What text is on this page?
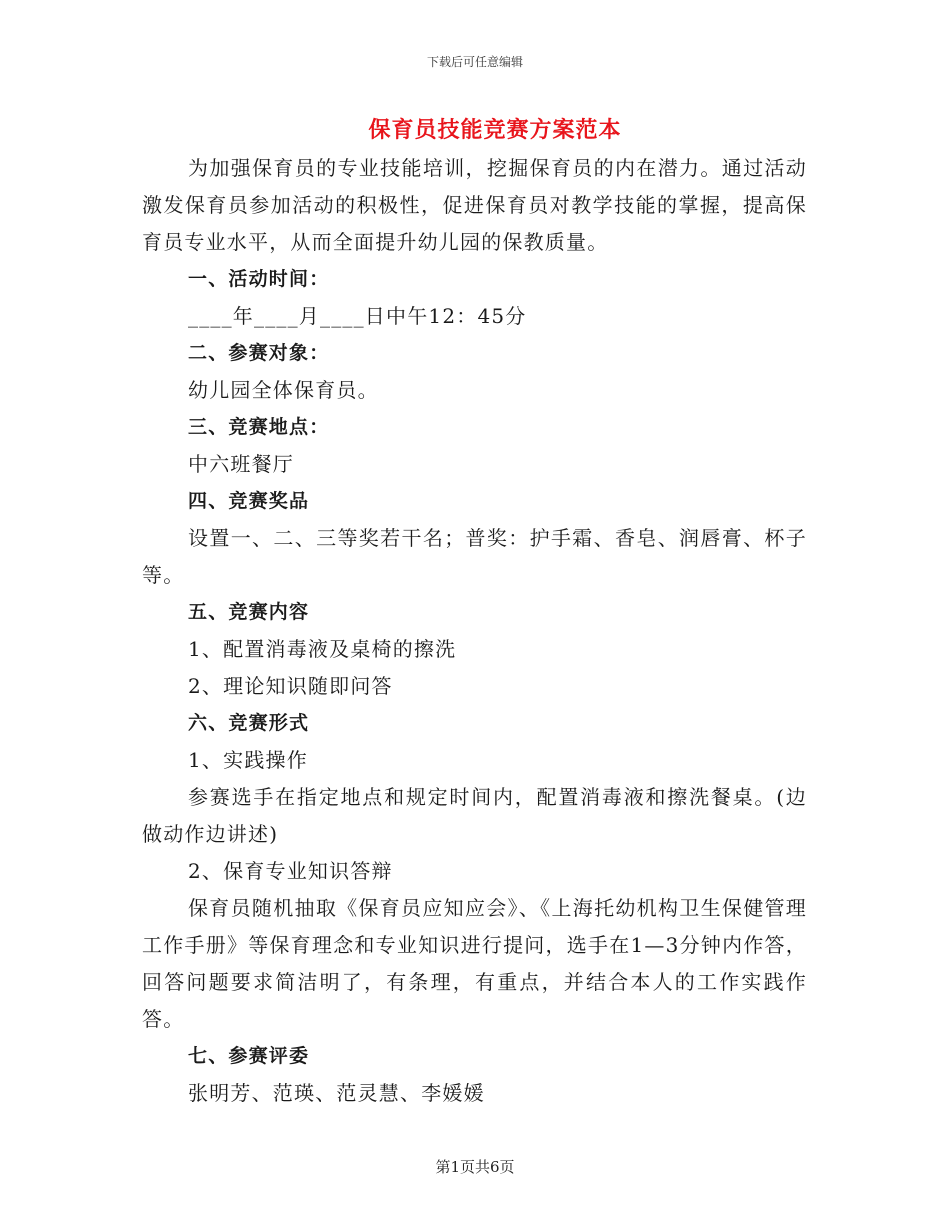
下载后可任意编辑
保育员技能竞赛方案范本

为加强保育员的专业技能培训，挖掘保育员的内在潜力。通过活动激发保育员参加活动的积极性，促进保育员对教学技能的掌握，提高保育员专业水平，从而全面提升幼儿园的保教质量。

一、活动时间：

____年____月____日中午12：45分

二、参赛对象：

幼儿园全体保育员。

三、竞赛地点：

中六班餐厅

四、竞赛奖品

设置一、二、三等奖若干名；普奖：护手霜、香皂、润唇膏、杯子等。

五、竞赛内容

1、配置消毒液及桌椅的擦洗

2、理论知识随即问答

六、竞赛形式

1、实践操作

参赛选手在指定地点和规定时间内，配置消毒液和擦洗餐桌。(边做动作边讲述)

2、保育专业知识答辩

保育员随机抽取《保育员应知应会》、《上海托幼机构卫生保健管理工作手册》等保育理念和专业知识进行提问，选手在1—3分钟内作答，回答问题要求简洁明了，有条理，有重点，并结合本人的工作实践作答。

七、参赛评委

张明芳、范瑛、范灵慧、李媛媛

第1页共6页
